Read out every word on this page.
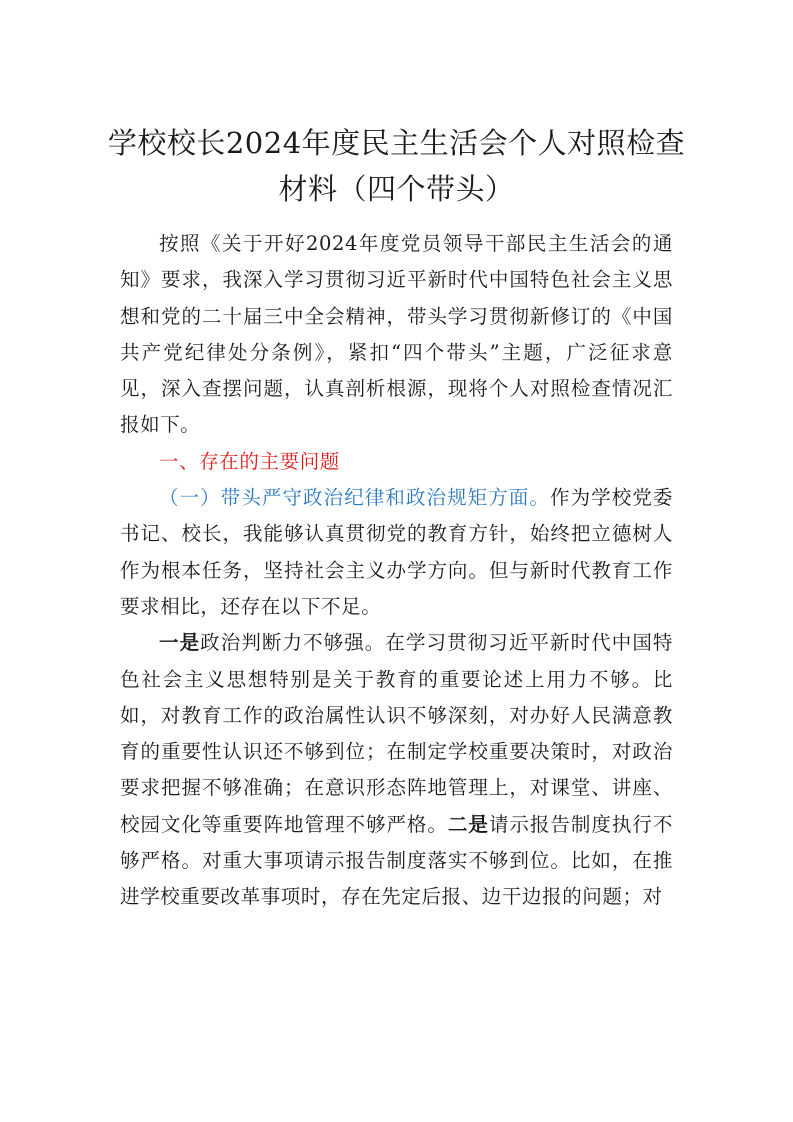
学校校长2024年度民主生活会个人对照检查
材料（四个带头）

按照《关于开好2024年度党员领导干部民主生活会的通知》要求，我深入学习贯彻习近平新时代中国特色社会主义思想和党的二十届三中全会精神，带头学习贯彻新修订的《中国共产党纪律处分条例》，紧扣“四个带头”主题，广泛征求意见，深入查摆问题，认真剖析根源，现将个人对照检查情况汇报如下。

一、存在的主要问题

（一）带头严守政治纪律和政治规矩方面。作为学校党委书记、校长，我能够认真贯彻党的教育方针，始终把立德树人作为根本任务，坚持社会主义办学方向。但与新时代教育工作要求相比，还存在以下不足。

一是政治判断力不够强。在学习贯彻习近平新时代中国特色社会主义思想特别是关于教育的重要论述上用力不够。比如，对教育工作的政治属性认识不够深刻，对办好人民满意教育的重要性认识还不够到位；在制定学校重要决策时，对政治要求把握不够准确；在意识形态阵地管理上，对课堂、讲座、校园文化等重要阵地管理不够严格。二是请示报告制度执行不够严格。对重大事项请示报告制度落实不够到位。比如，在推进学校重要改革事项时，存在先定后报、边干边报的问题；对
